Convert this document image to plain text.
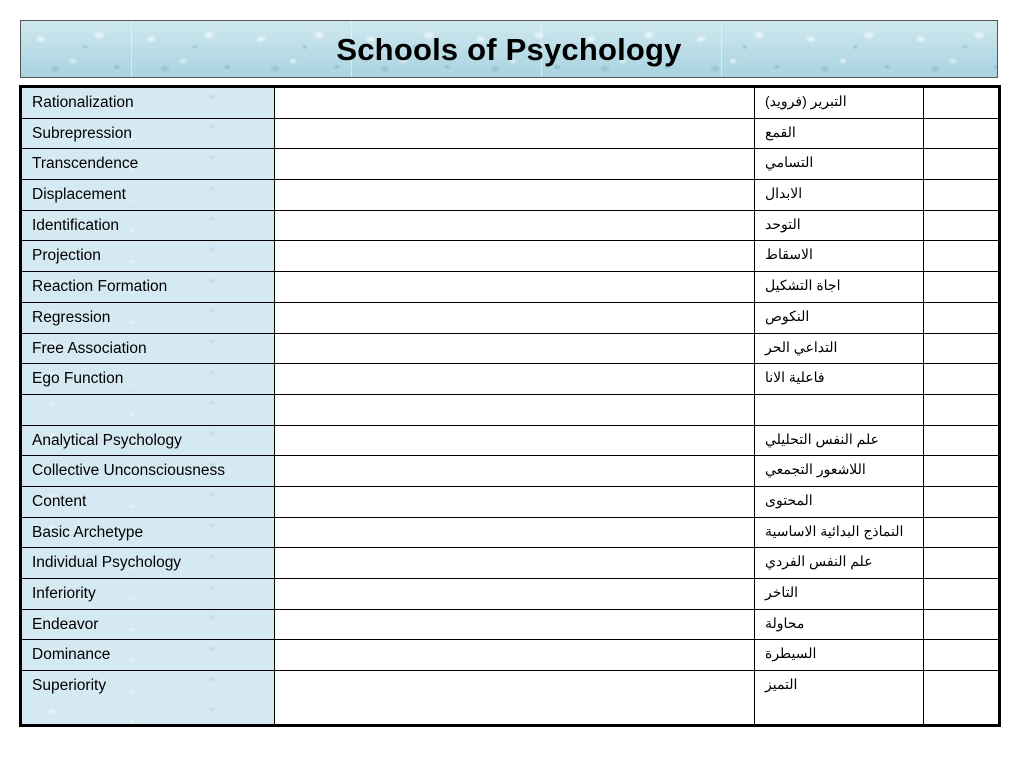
Schools of Psychology
Rationalization		التبرير (فرويد)	

Subrepression		القمع	

Transcendence		التسامي	

Displacement		الابدال	

Identification		التوحد	

Projection		الاسقاط	

Reaction Formation		اجاة التشكيل	

Regression		النكوص	

Free Association		التداعي الحر	

Ego Function		فاعلية الانا	

Analytical Psychology		علم النفس التحليلي	

Collective Unconsciousness		اللاشعور التجمعي	

Content		المحتوى	

Basic Archetype		النماذج البدائية الاساسية	

Individual Psychology		علم النفس الفردي	

Inferiority		التاخر	

Endeavor		محاولة	

Dominance		السيطرة	

Superiority		التميز	
